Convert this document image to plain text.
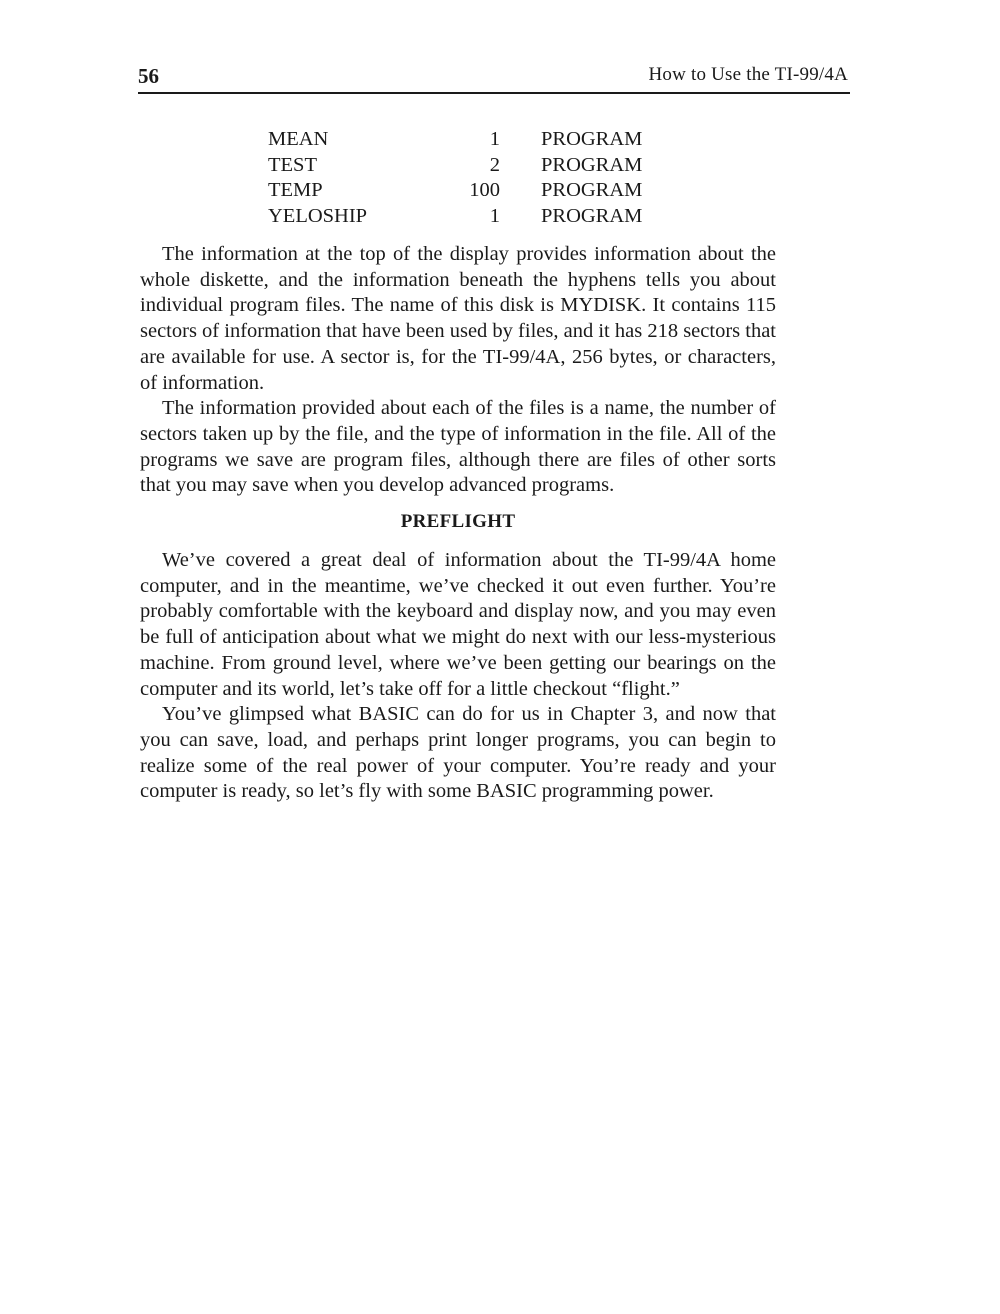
56	How to Use the TI-99/4A
MEAN	1	PROGRAM
TEST	2	PROGRAM
TEMP	100	PROGRAM
YELOSHIP	1	PROGRAM

The information at the top of the display provides information about the whole diskette, and the information beneath the hyphens tells you about individual program files. The name of this disk is MYDISK. It contains 115 sectors of information that have been used by files, and it has 218 sectors that are available for use. A sector is, for the TI-99/4A, 256 bytes, or characters, of information.

The information provided about each of the files is a name, the number of sectors taken up by the file, and the type of information in the file. All of the programs we save are program files, although there are files of other sorts that you may save when you develop advanced programs.

PREFLIGHT

We’ve covered a great deal of information about the TI-99/4A home computer, and in the meantime, we’ve checked it out even further. You’re probably comfortable with the keyboard and display now, and you may even be full of anticipation about what we might do next with our less-mysterious machine. From ground level, where we’ve been getting our bearings on the computer and its world, let’s take off for a little checkout “flight.”

You’ve glimpsed what BASIC can do for us in Chapter 3, and now that you can save, load, and perhaps print longer programs, you can begin to realize some of the real power of your computer. You’re ready and your computer is ready, so let’s fly with some BASIC programming power.
